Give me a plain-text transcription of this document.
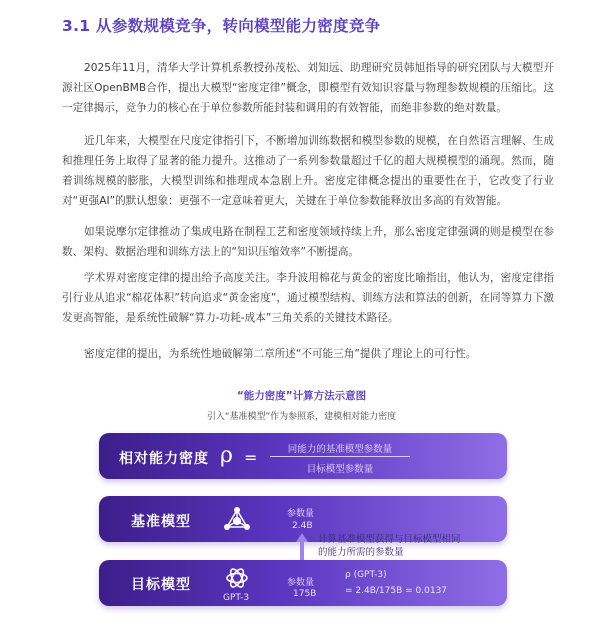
3.1 从参数规模竞争，转向模型能力密度竞争

2025年11月，清华大学计算机系教授孙茂松、刘知远、助理研究员韩旭指导的研究团队与大模型开源社区OpenBMB合作，提出大模型“密度定律”概念，即模型有效知识容量与物理参数规模的压缩比。这一定律揭示，竞争力的核心在于单位参数所能封装和调用的有效智能，而绝非参数的绝对数量。

近几年来，大模型在尺度定律指引下，不断增加训练数据和模型参数的规模，在自然语言理解、生成和推理任务上取得了显著的能力提升。这推动了一系列参数量超过千亿的超大规模模型的涌现。然而，随着训练规模的膨胀，大模型训练和推理成本急剧上升。密度定律概念提出的重要性在于，它改变了行业对“更强AI”的默认想象：更强不一定意味着更大，关键在于单位参数能释放出多高的有效智能。

如果说摩尔定律推动了集成电路在制程工艺和密度领域持续上升，那么密度定律强调的则是模型在参数、架构、数据治理和训练方法上的“知识压缩效率”不断提高。

学术界对密度定律的提出给予高度关注。李升波用棉花与黄金的密度比喻指出，他认为，密度定律指引行业从追求“棉花体积”转向追求“黄金密度”，通过模型结构、训练方法和算法的创新，在同等算力下激发更高智能，是系统性破解“算力-功耗-成本”三角关系的关键技术路径。

密度定律的提出，为系统性地破解第二章所述“不可能三角”提供了理论上的可行性。

“能力密度”计算方法示意图
引入“基准模型”作为参照系，建模相对能力密度
相对能力密度 ρ =	同能力的基准模型参数量
目标模型参数量
基准模型	参数量
2.4B
计算基准模型获得与目标模型相同的能力所需的参数量
目标模型
GPT-3
参数量
175B
ρ (GPT-3)
= 2.4B/175B = 0.0137
